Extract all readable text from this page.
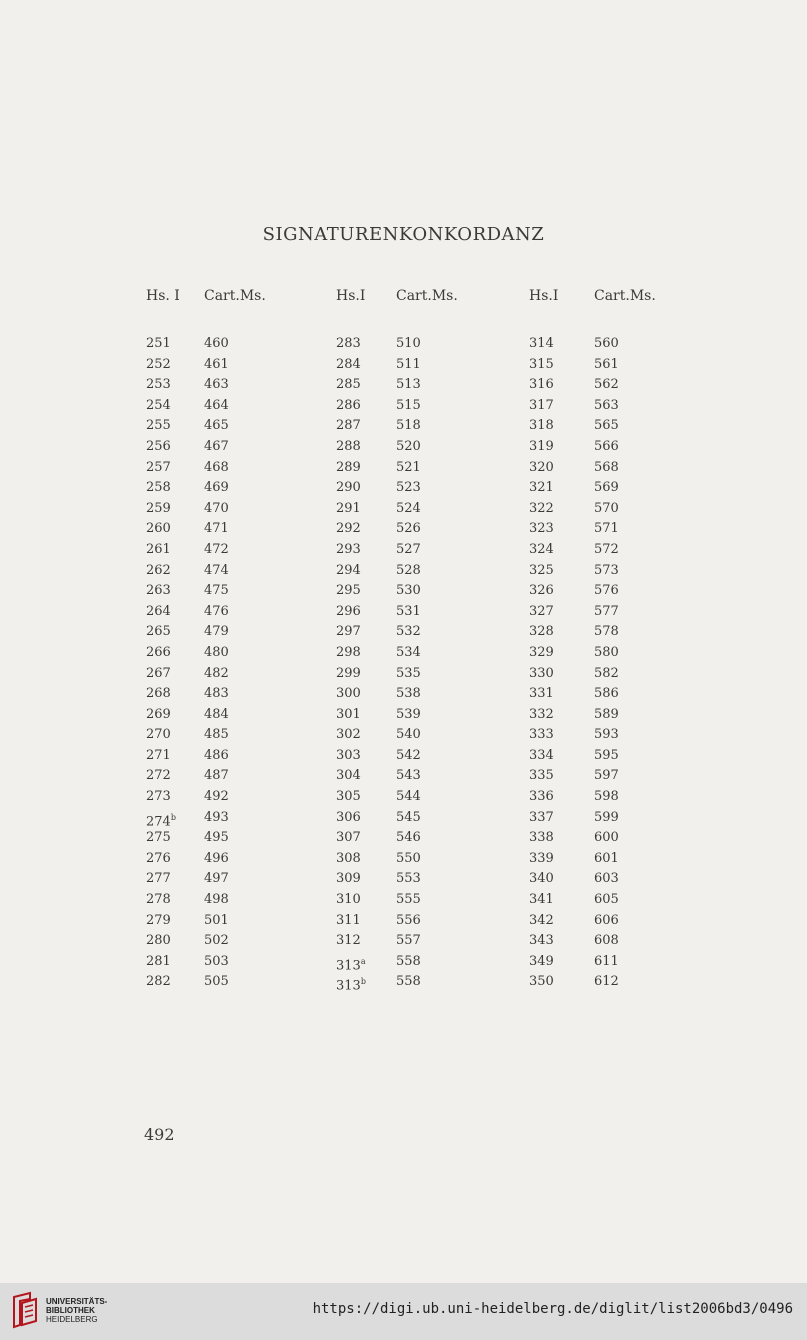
SIGNATURENKONKORDANZ
Hs. I Cart.Ms.
251	460
252	461
253	463
254	464
255	465
256	467
257	468
258	469
259	470
260	471
261	472
262	474
263	475
264	476
265	479
266	480
267	482
268	483
269	484
270	485
271	486
272	487
273	492
274$^b$ 493
275	495
276	496
277	497
278	498
279	501
280	502
281	503
282	505
Hs.I Cart.Ms.
283	510
284	511
285	513
286	515
287	518
288	520
289	521
290	523
291	524
292	526
293	527
294	528
295	530
296	531
297	532
298	534
299	535
300	538
301	539
302	540
303	542
304	543
305	544
306	545
307	546
308	550
309	553
310	555
311	556
312	557
313$^a$ 558
313$^b$ 558
Hs.I	Cart.Ms.
314	560
315	561
316	562
317	563
318	565
319	566
320	568
321	569
322	570
323	571
324	572
325	573
326	576
327	577
328	578
329	580
330	582
331	586
332	589
333	593
334	595
335	597
336	598
337	599
338	600
339	601
340	603
341	605
342	606
343	608
349	611
350	612
492
UNIVERSITÄTS-
BIBLIOTHEK
HEIDELBERG
https://digi.ub.uni-heidelberg.de/diglit/list2006bd3/0496
